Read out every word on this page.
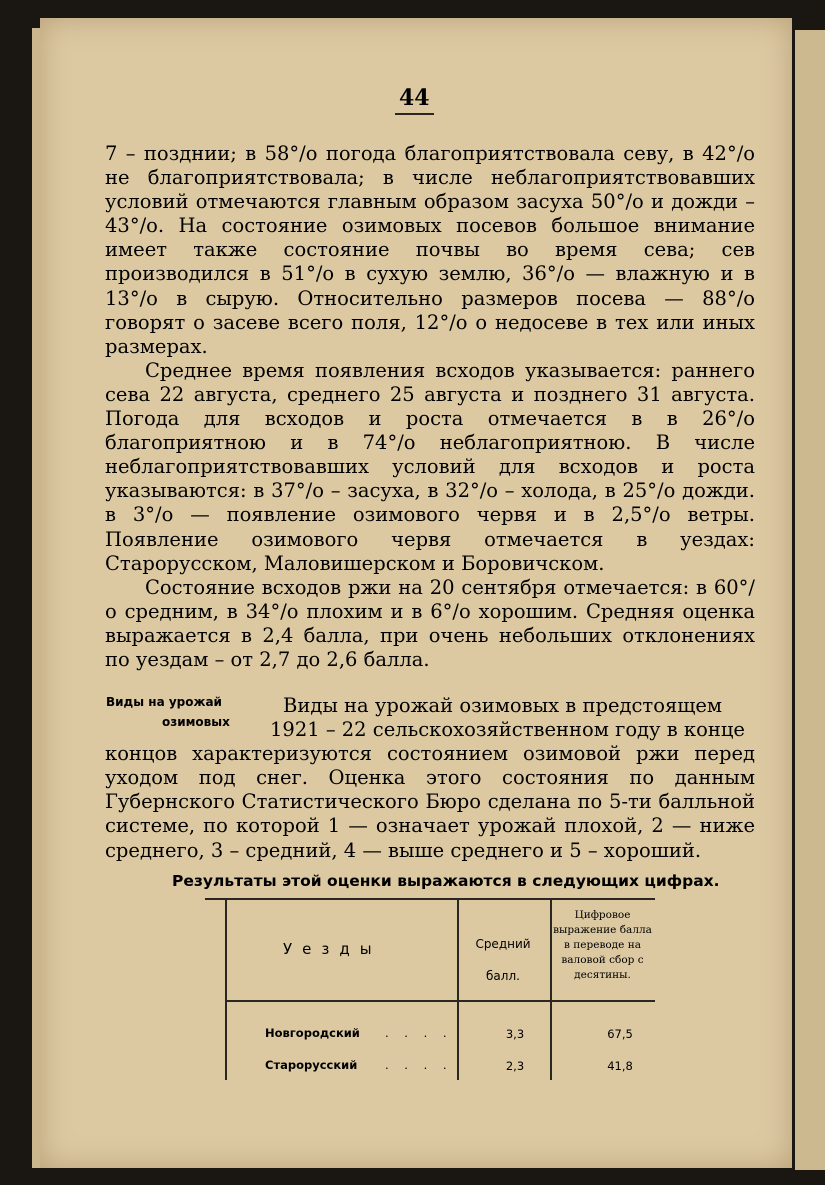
44

7 – позднии; в 58°/о погода благоприятствовала севу, в 42°/о не благоприятствовала; в числе неблагоприятствовавших условий отмечаются главным образом засуха 50°/о и дожди – 43°/о. На состояние озимовых посевов большое внимание имеет также состояние почвы во время сева; сев производился в 51°/о в сухую землю, 36°/о — влажную и в 13°/о в сырую. Относительно размеров посева — 88°/о говорят о засеве всего поля, 12°/о о недосеве в тех или иных размерах.

Среднее время появления всходов указывается: раннего сева 22 августа, среднего 25 августа и позднего 31 августа. Погода для всходов и роста отмечается в в 26°/о благоприятною и в 74°/о неблагоприятною. В числе неблагоприятствовавших условий для всходов и роста указываются: в 37°/о – засуха, в 32°/о – холода, в 25°/о дожди. в 3°/о — появление озимового червя и в 2,5°/о ветры. Появление озимового червя отмечается в уездах: Старорусском, Маловишерском и Боровичском.

Состояние всходов ржи на 20 сентября отмечается: в 60°/о средним, в 34°/о плохим и в 6°/о хорошим. Средняя оценка выражается в 2,4 балла, при очень небольших отклонениях по уездам – от 2,7 до 2,6 балла.

Виды на урожай
озимовых
Виды на урожай озимовых в предстоящем
1921 – 22 сельскохозяйственном году в конце
концов характеризуются состоянием озимовой ржи перед уходом под снег. Оценка этого состояния по данным Губернского Статистического Бюро сделана по 5-ти балльной системе, по которой 1 — означает урожай плохой, 2 — ниже среднего, 3 – средний, 4 — выше среднего и 5 – хороший.
Результаты этой оценки выражаются в следующих цифрах.
Уезды	Средний
балл.
Цифровое выражение балла в переводе на валовой сбор с десятины.
Новгородский . . . .	3,3	67,5
Старорусский . . . .	2,3	41,8
